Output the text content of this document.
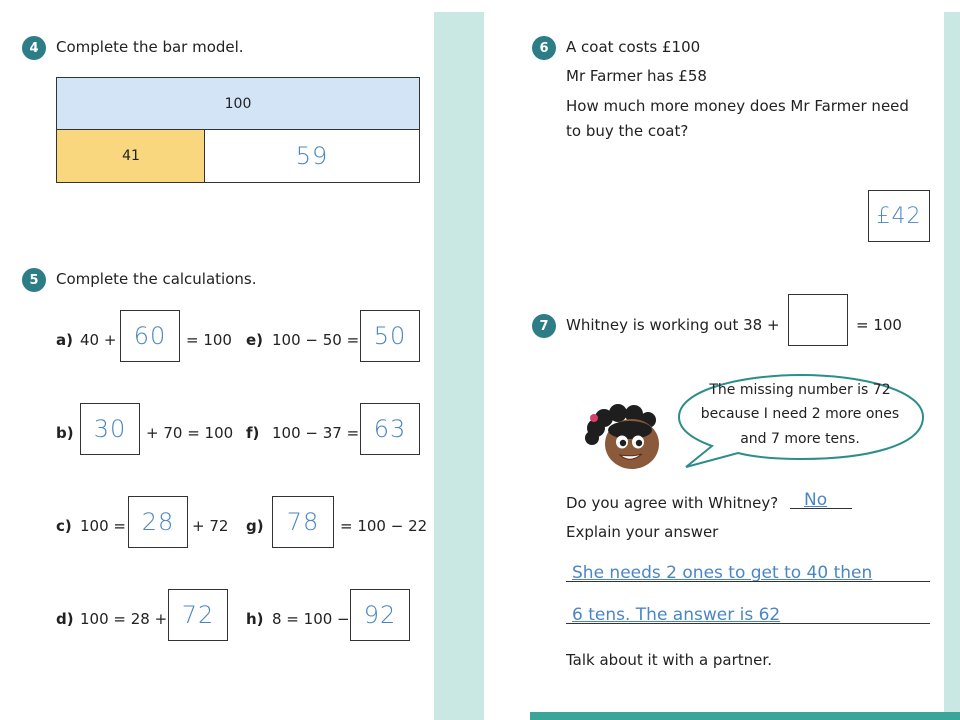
4	Complete the bar model.
100
41	59
5	Complete the calculations.
a) 40 + 60 = 100 e) 100 − 50 = 50
b) 30 + 70 = 100 f) 100 − 37 = 63
c) 100 = 28 + 72 g) 78 = 100 − 22
d) 100 = 28 + 72 h) 8 = 100 − 92
6	A coat costs £100
Mr Farmer has £58
How much more money does Mr Farmer need
to buy the coat?
£42
7	Whitney is working out 38 +	= 100
The missing number is 72
because I need 2 more ones
and 7 more tens.
Do you agree with Whitney? No
Explain your answer
She needs 2 ones to get to 40 then
6 tens. The answer is 62
Talk about it with a partner.
